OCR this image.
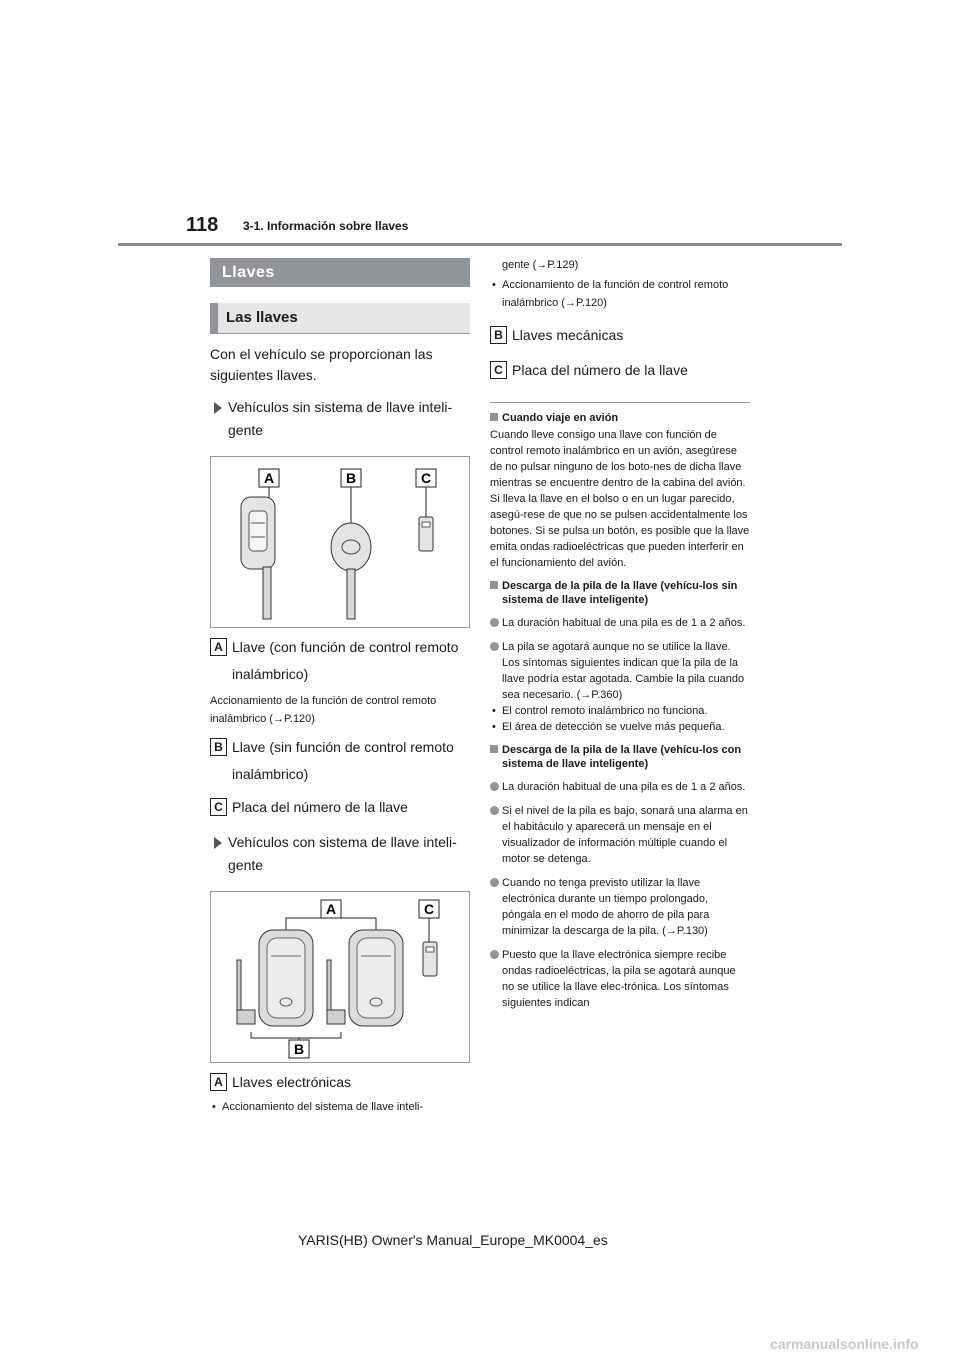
118 3-1. Información sobre llaves
Llaves
Las llaves

Con el vehículo se proporcionan las siguientes llaves.

Vehículos sin sistema de llave inteli-gente
A	B	C
A Llave (con función de control remoto inalámbrico)
Accionamiento de la función de control remoto inalámbrico (→P.120)
B Llave (sin función de control remoto inalámbrico)
C Placa del número de la llave
Vehículos con sistema de llave inteli-gente
A	C
B
A Llaves electrónicas
• Accionamiento del sistema de llave inteli-
• gente (→P.129)
• Accionamiento de la función de control remoto inalámbrico (→P.120)
B Llaves mecánicas
C Placa del número de la llave
Cuando viaje en avión
Cuando lleve consigo una llave con función de control remoto inalámbrico en un avión, asegúrese de no pulsar ninguno de los boto-nes de dicha llave mientras se encuentre dentro de la cabina del avión. Si lleva la llave en el bolso o en un lugar parecido, asegú-rese de que no se pulsen accidentalmente los botones. Si se pulsa un botón, es posible que la llave emita ondas radioeléctricas que pueden interferir en el funcionamiento del avión.
Descarga de la pila de la llave (vehícu-los sin sistema de llave inteligente)
La duración habitual de una pila es de 1 a 2 años.
La pila se agotará aunque no se utilice la llave. Los síntomas siguientes indican que la pila de la llave podría estar agotada. Cambie la pila cuando sea necesario. (→P.360)
• El control remoto inalámbrico no funciona.
• El área de detección se vuelve más pequeña.
Descarga de la pila de la llave (vehícu-los con sistema de llave inteligente)
La duración habitual de una pila es de 1 a 2 años.
Si el nivel de la pila es bajo, sonará una alarma en el habitáculo y aparecerá un mensaje en el visualizador de información múltiple cuando el motor se detenga.
Cuando no tenga previsto utilizar la llave electrónica durante un tiempo prolongado, póngala en el modo de ahorro de pila para minimizar la descarga de la pila. (→P.130)
Puesto que la llave electrónica siempre recibe ondas radioeléctricas, la pila se agotará aunque no se utilice la llave elec-trónica. Los síntomas siguientes indican
YARIS(HB) Owner's Manual_Europe_MK0004_es
carmanualsonline.info
